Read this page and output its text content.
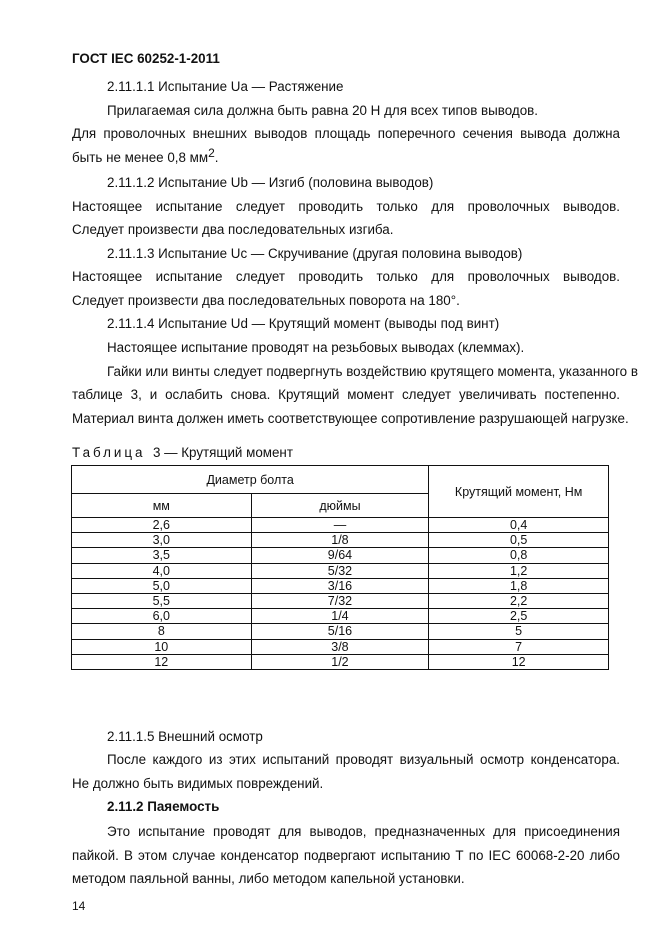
ГОСТ IEC 60252-1-2011
2.11.1.1 Испытание Ua — Растяжение
Прилагаемая сила должна быть равна 20 Н для всех типов выводов.
Для проволочных внешних выводов площадь поперечного сечения вывода должна
быть не менее 0,8 $мм^2$.
2.11.1.2 Испытание Ub — Изгиб (половина выводов)
Настоящее испытание следует проводить только для проволочных выводов.
Следует произвести два последовательных изгиба.
2.11.1.3 Испытание Uc — Скручивание (другая половина выводов)
Настоящее испытание следует проводить только для проволочных выводов.
Следует произвести два последовательных поворота на 180°.
2.11.1.4 Испытание Ud — Крутящий момент (выводы под винт)
Настоящее испытание проводят на резьбовых выводах (клеммах).
Гайки или винты следует подвергнуть воздействию крутящего момента, указанного в
таблице 3, и ослабить снова. Крутящий момент следует увеличивать постепенно.
Материал винта должен иметь соответствующее сопротивление разрушающей нагрузке.
Таблица 3 — Крутящий момент
Диаметр болта		Крутящий момент, Нм
мм	дюймы	
2,6	—	0,4
3,0	1/8	0,5
3,5	9/64	0,8
4,0	5/32	1,2
5,0	3/16	1,8
5,5	7/32	2,2
6,0	1/4	2,5
8	5/16	5
10	3/8	7
12	1/2	12
2.11.1.5 Внешний осмотр
После каждого из этих испытаний проводят визуальный осмотр конденсатора.
Не должно быть видимых повреждений.
2.11.2 Паяемость
Это испытание проводят для выводов, предназначенных для присоединения
пайкой. В этом случае конденсатор подвергают испытанию Т по IEC 60068-2-20 либо
методом паяльной ванны, либо методом капельной установки.
14
